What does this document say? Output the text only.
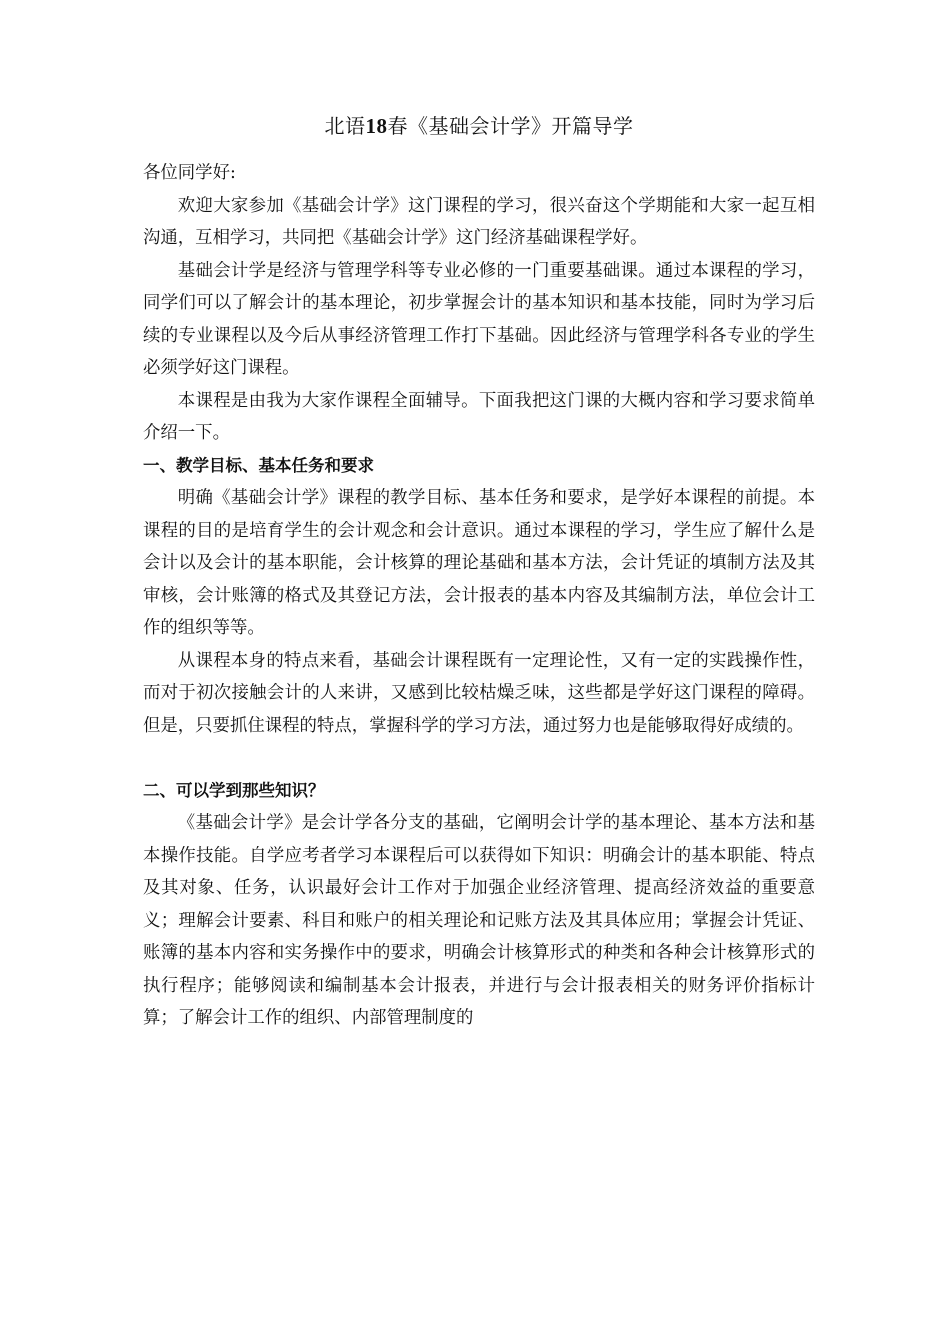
北语18春《基础会计学》开篇导学

各位同学好:

欢迎大家参加《基础会计学》这门课程的学习，很兴奋这个学期能和大家一起互相沟通，互相学习，共同把《基础会计学》这门经济基础课程学好。

基础会计学是经济与管理学科等专业必修的一门重要基础课。通过本课程的学习，同学们可以了解会计的基本理论，初步掌握会计的基本知识和基本技能，同时为学习后续的专业课程以及今后从事经济管理工作打下基础。因此经济与管理学科各专业的学生必须学好这门课程。

本课程是由我为大家作课程全面辅导。下面我把这门课的大概内容和学习要求简单介绍一下。

一、教学目标、基本任务和要求

明确《基础会计学》课程的教学目标、基本任务和要求，是学好本课程的前提。本课程的目的是培育学生的会计观念和会计意识。通过本课程的学习，学生应了解什么是会计以及会计的基本职能，会计核算的理论基础和基本方法，会计凭证的填制方法及其审核，会计账簿的格式及其登记方法，会计报表的基本内容及其编制方法，单位会计工作的组织等等。

从课程本身的特点来看，基础会计课程既有一定理论性，又有一定的实践操作性，而对于初次接触会计的人来讲，又感到比较枯燥乏味，这些都是学好这门课程的障碍。但是，只要抓住课程的特点，掌握科学的学习方法，通过努力也是能够取得好成绩的。

二、可以学到那些知识？

《基础会计学》是会计学各分支的基础，它阐明会计学的基本理论、基本方法和基本操作技能。自学应考者学习本课程后可以获得如下知识：明确会计的基本职能、特点及其对象、任务，认识最好会计工作对于加强企业经济管理、提高经济效益的重要意义；理解会计要素、科目和账户的相关理论和记账方法及其具体应用；掌握会计凭证、账簿的基本内容和实务操作中的要求，明确会计核算形式的种类和各种会计核算形式的执行程序；能够阅读和编制基本会计报表，并进行与会计报表相关的财务评价指标计算；了解会计工作的组织、内部管理制度的
